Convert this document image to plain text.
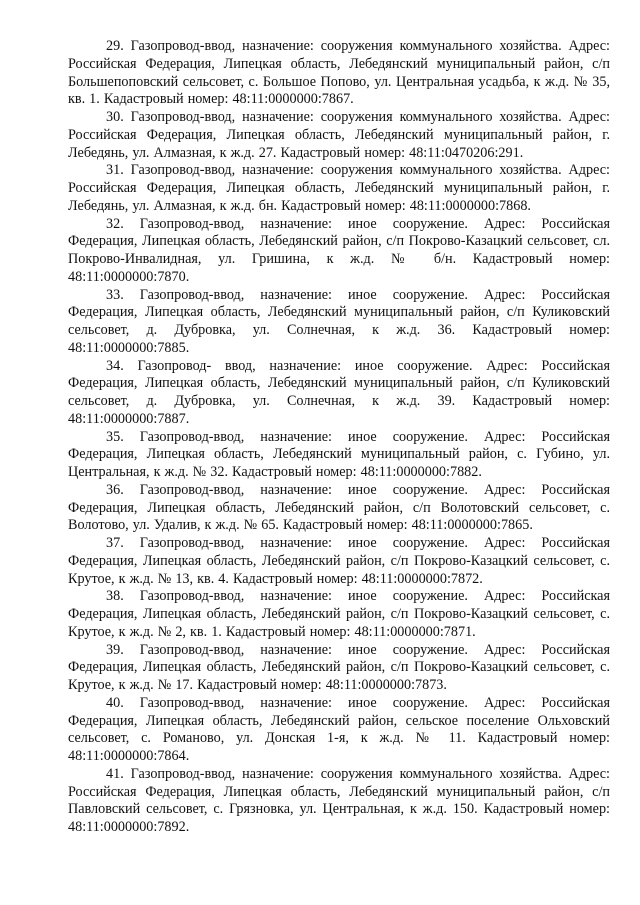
29. Газопровод-ввод, назначение: сооружения коммунального хозяйства. Адрес: Российская Федерация, Липецкая область, Лебедянский муниципальный район, с/п Большепоповский сельсовет, с. Большое Попово, ул. Центральная усадьба, к ж.д. № 35, кв. 1. Кадастровый номер: 48:11:0000000:7867.

30. Газопровод-ввод, назначение: сооружения коммунального хозяйства. Адрес: Российская Федерация, Липецкая область, Лебедянский муниципальный район, г. Лебедянь, ул. Алмазная, к ж.д. 27. Кадастровый номер: 48:11:0470206:291.

31. Газопровод-ввод, назначение: сооружения коммунального хозяйства. Адрес: Российская Федерация, Липецкая область, Лебедянский муниципальный район, г. Лебедянь, ул. Алмазная, к ж.д. бн. Кадастровый номер: 48:11:0000000:7868.

32. Газопровод-ввод, назначение: иное сооружение. Адрес: Российская Федерация, Липецкая область, Лебедянский район, с/п Покрово-Казацкий сельсовет, сл. Покрово-Инвалидная, ул. Гришина, к ж.д. № б/н. Кадастровый номер: 48:11:0000000:7870.

33. Газопровод-ввод, назначение: иное сооружение. Адрес: Российская Федерация, Липецкая область, Лебедянский муниципальный район, с/п Куликовский сельсовет, д. Дубровка, ул. Солнечная, к ж.д. 36. Кадастровый номер: 48:11:0000000:7885.

34. Газопровод- ввод, назначение: иное сооружение. Адрес: Российская Федерация, Липецкая область, Лебедянский муниципальный район, с/п Куликовский сельсовет, д. Дубровка, ул. Солнечная, к ж.д. 39. Кадастровый номер: 48:11:0000000:7887.

35. Газопровод-ввод, назначение: иное сооружение. Адрес: Российская Федерация, Липецкая область, Лебедянский муниципальный район, с. Губино, ул. Центральная, к ж.д. № 32. Кадастровый номер: 48:11:0000000:7882.

36. Газопровод-ввод, назначение: иное сооружение. Адрес: Российская Федерация, Липецкая область, Лебедянский район, с/п Волотовский сельсовет, с. Волотово, ул. Удалив, к ж.д. № 65. Кадастровый номер: 48:11:0000000:7865.

37. Газопровод-ввод, назначение: иное сооружение. Адрес: Российская Федерация, Липецкая область, Лебедянский район, с/п Покрово-Казацкий сельсовет, с. Крутое, к ж.д. № 13, кв. 4. Кадастровый номер: 48:11:0000000:7872.

38. Газопровод-ввод, назначение: иное сооружение. Адрес: Российская Федерация, Липецкая область, Лебедянский район, с/п Покрово-Казацкий сельсовет, с. Крутое, к ж.д. № 2, кв. 1. Кадастровый номер: 48:11:0000000:7871.

39. Газопровод-ввод, назначение: иное сооружение. Адрес: Российская Федерация, Липецкая область, Лебедянский район, с/п Покрово-Казацкий сельсовет, с. Крутое, к ж.д. № 17. Кадастровый номер: 48:11:0000000:7873.

40. Газопровод-ввод, назначение: иное сооружение. Адрес: Российская Федерация, Липецкая область, Лебедянский район, сельское поселение Ольховский сельсовет, с. Романово, ул. Донская 1-я, к ж.д. № 11. Кадастровый номер: 48:11:0000000:7864.

41. Газопровод-ввод, назначение: сооружения коммунального хозяйства. Адрес: Российская Федерация, Липецкая область, Лебедянский муниципальный район, с/п Павловский сельсовет, с. Грязновка, ул. Центральная, к ж.д. 150. Кадастровый номер: 48:11:0000000:7892.
